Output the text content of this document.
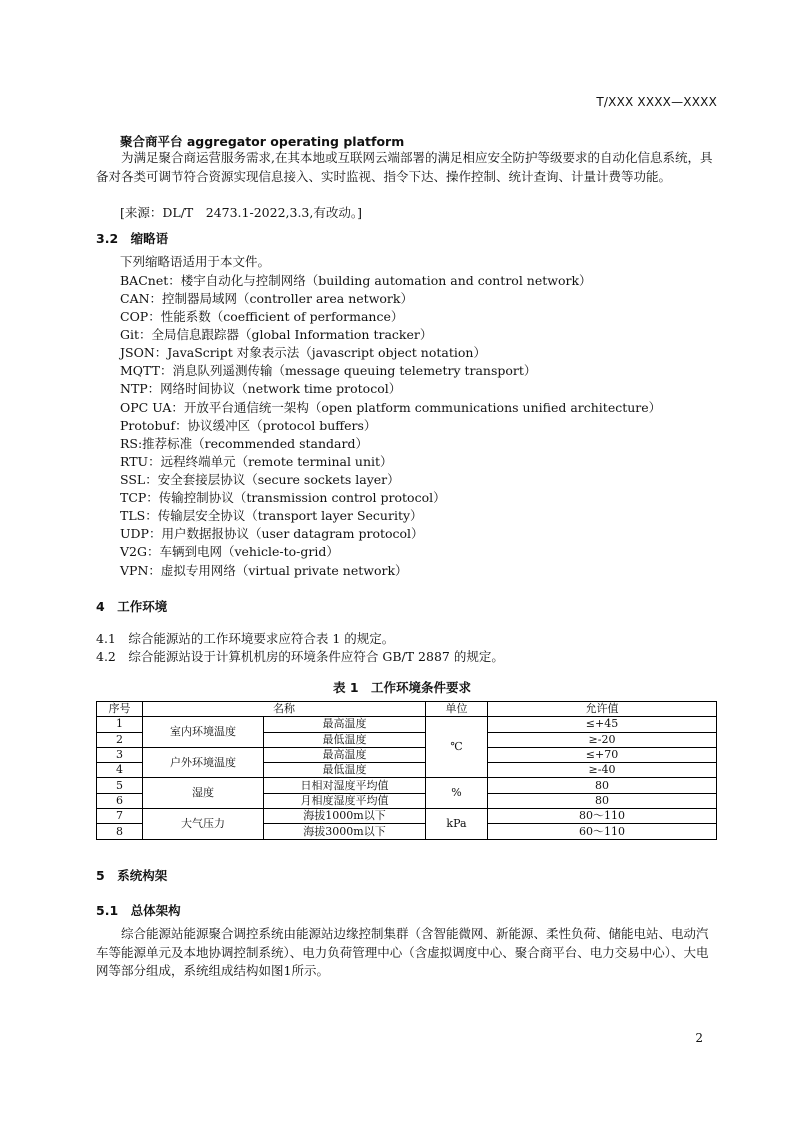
T/XXX XXXX—XXXX
聚合商平台 aggregator operating platform
为满足聚合商运营服务需求,在其本地或互联网云端部署的满足相应安全防护等级要求的自动化信息系统，具备对各类可调节符合资源实现信息接入、实时监视、指令下达、操作控制、统计查询、计量计费等功能。
[来源：DL/T　2473.1-2022,3.3,有改动。]
3.2　缩略语
下列缩略语适用于本文件。
BACnet：楼宇自动化与控制网络（building automation and control network）
CAN：控制器局域网（controller area network）
COP：性能系数（coefficient of performance）
Git：全局信息跟踪器（global Information tracker）
JSON：JavaScript 对象表示法（javascript object notation）
MQTT：消息队列遥测传输（message queuing telemetry transport）
NTP：网络时间协议（network time protocol）
OPC UA：开放平台通信统一架构（open platform communications unified architecture）
Protobuf：协议缓冲区（protocol buffers）
RS:推荐标准（recommended standard）
RTU：远程终端单元（remote terminal unit）
SSL：安全套接层协议（secure sockets layer）
TCP：传输控制协议（transmission control protocol）
TLS：传输层安全协议（transport layer Security）
UDP：用户数据报协议（user datagram protocol）
V2G：车辆到电网（vehicle-to-grid）
VPN：虚拟专用网络（virtual private network）
4　工作环境
4.1　综合能源站的工作环境要求应符合表 1 的规定。
4.2　综合能源站设于计算机机房的环境条件应符合 GB/T 2887 的规定。
表 1　工作环境条件要求
序号	名称		单位	允许值
1	室内环境温度	最高温度	℃	≤+45
2		最低温度		≥-20
3	户外环境温度	最高温度		≤+70
4		最低温度		≥-40
5	湿度	日相对湿度平均值	%	80
6		月相度湿度平均值		80
7	大气压力	海拔1000m以下	kPa	80～110
8		海拔3000m以下		60～110
5　系统构架
5.1　总体架构
综合能源站能源聚合调控系统由能源站边缘控制集群（含智能微网、新能源、柔性负荷、储能电站、电动汽车等能源单元及本地协调控制系统）、电力负荷管理中心（含虚拟调度中心、聚合商平台、电力交易中心）、大电网等部分组成，系统组成结构如图1所示。
2
